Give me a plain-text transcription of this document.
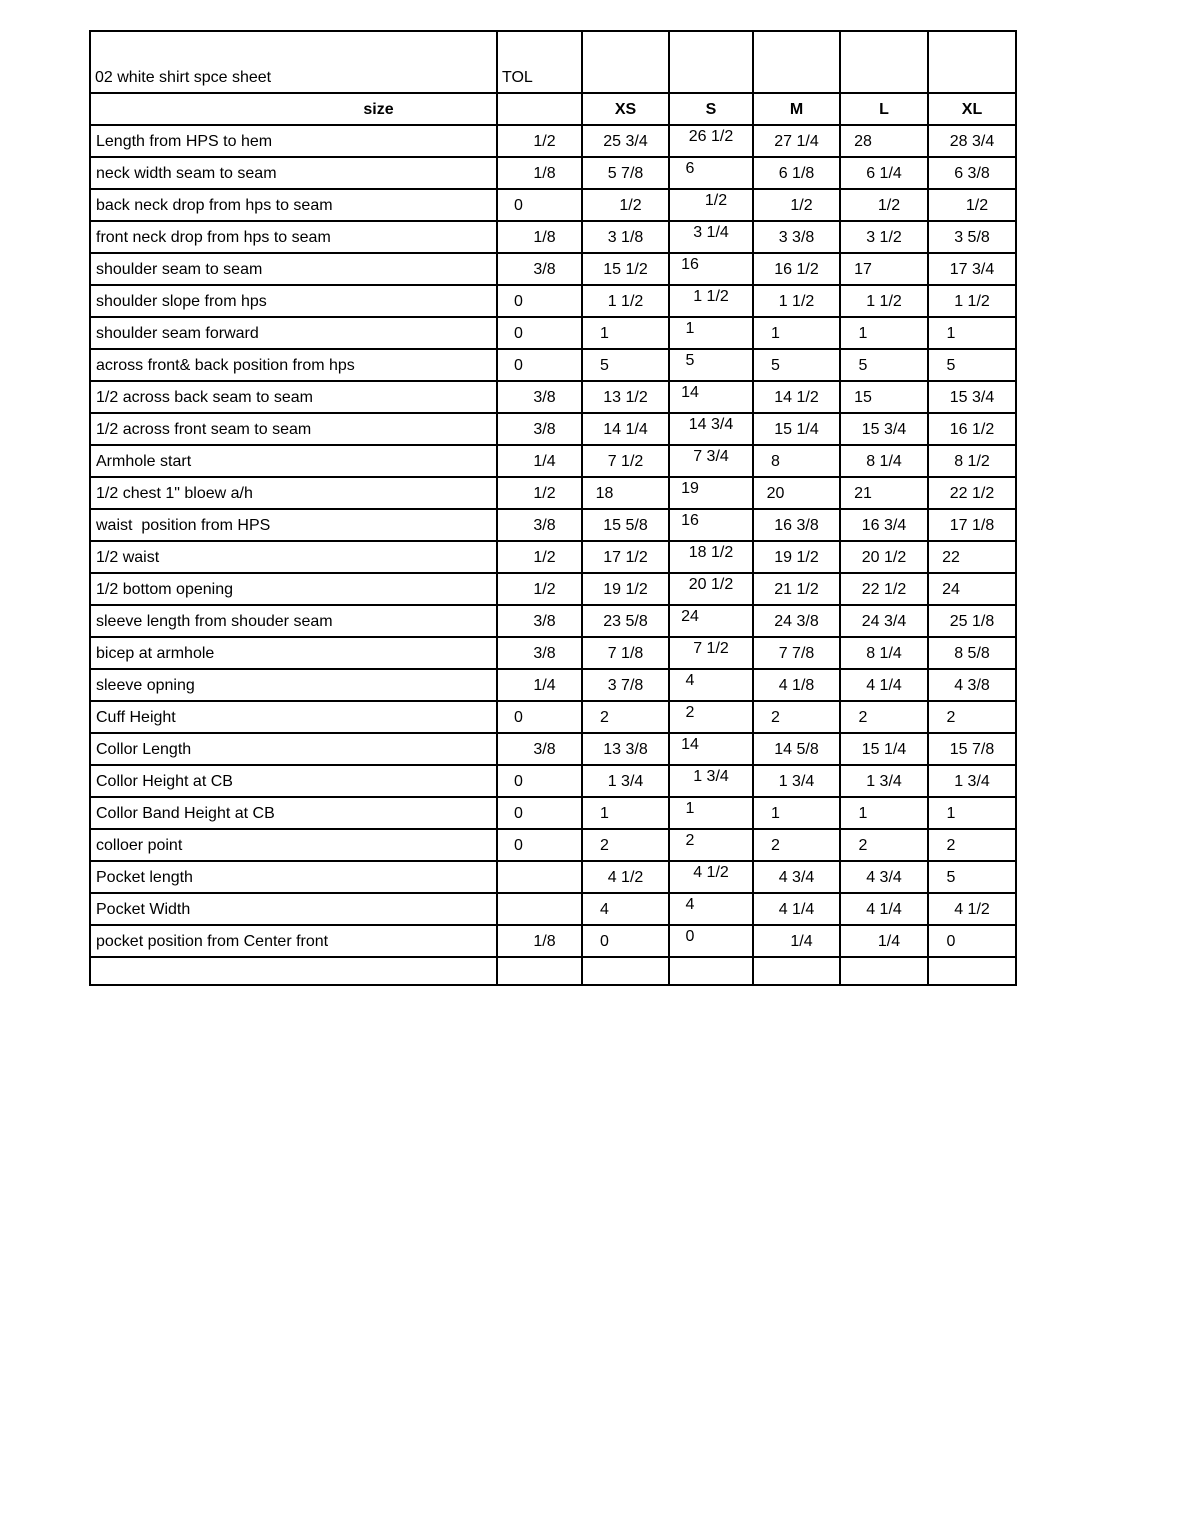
02 white shirt spce sheet	TOL					
size		XS	S	M	L	XL
Length from HPS to hem	1/2	25 3/4	26 1/2	27 1/4	28	28 3/4
neck width seam to seam	1/8	5 7/8	6	6 1/8	6 1/4	6 3/8
back neck drop from hps to seam	0	1/2	1/2	1/2	1/2	1/2
front neck drop from hps to seam	1/8	3 1/8	3 1/4	3 3/8	3 1/2	3 5/8
shoulder seam to seam	3/8	15 1/2	16	16 1/2	17	17 3/4
shoulder slope from hps	0	1 1/2	1 1/2	1 1/2	1 1/2	1 1/2
shoulder seam forward	0	1	1	1	1	1
across front& back position from hps	0	5	5	5	5	5
1/2 across back seam to seam	3/8	13 1/2	14	14 1/2	15	15 3/4
1/2 across front seam to seam	3/8	14 1/4	14 3/4	15 1/4	15 3/4	16 1/2
Armhole start	1/4	7 1/2	7 3/4	8	8 1/4	8 1/2
1/2 chest 1" bloew a/h	1/2	18	19	20	21	22 1/2
waist  position from HPS	3/8	15 5/8	16	16 3/8	16 3/4	17 1/8
1/2 waist	1/2	17 1/2	18 1/2	19 1/2	20 1/2	22
1/2 bottom opening	1/2	19 1/2	20 1/2	21 1/2	22 1/2	24
sleeve length from shouder seam	3/8	23 5/8	24	24 3/8	24 3/4	25 1/8
bicep at armhole	3/8	7 1/8	7 1/2	7 7/8	8 1/4	8 5/8
sleeve opning	1/4	3 7/8	4	4 1/8	4 1/4	4 3/8
Cuff Height	0	2	2	2	2	2
Collor Length	3/8	13 3/8	14	14 5/8	15 1/4	15 7/8
Collor Height at CB	0	1 3/4	1 3/4	1 3/4	1 3/4	1 3/4
Collor Band Height at CB	0	1	1	1	1	1
colloer point	0	2	2	2	2	2
Pocket length		4 1/2	4 1/2	4 3/4	4 3/4	5
Pocket Width		4	4	4 1/4	4 1/4	4 1/2
pocket position from Center front	1/8	0	0	1/4	1/4	0
